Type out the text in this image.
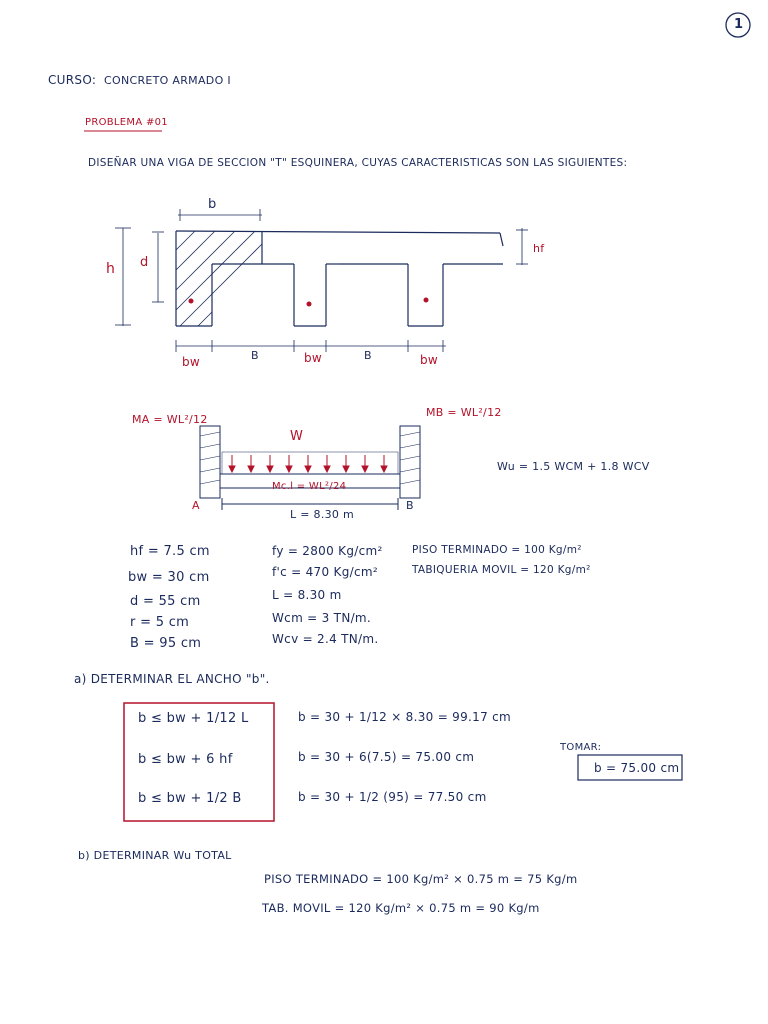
1
CURSO: CONCRETO ARMADO I
PROBLEMA #01
DISEÑAR UNA VIGA DE SECCION "T" ESQUINERA, CUYAS CARACTERISTICAS SON LAS SIGUIENTES:
b
d
h
hf
bw	B	bw	B	bw
MA = WL²/12
MB = WL²/12
W
Mc.l = WL²/24
A	B
L = 8.30 m
Wu = 1.5 WCM + 1.8 WCV
hf = 7.5 cm
bw = 30 cm
d = 55 cm
r = 5 cm
B = 95 cm
fy = 2800 Kg/cm²
f'c = 470 Kg/cm²
L = 8.30 m
Wcm = 3 TN/m.
Wcv = 2.4 TN/m.
PISO TERMINADO = 100 Kg/m²
TABIQUERIA MOVIL = 120 Kg/m²
a) DETERMINAR EL ANCHO "b".
b ≤ bw + 1/12 L
b ≤ bw + 6 hf
b ≤ bw + 1/2 B
b = 30 + 1/12 × 8.30 = 99.17 cm
b = 30 + 6(7.5) = 75.00 cm
b = 30 + 1/2 (95) = 77.50 cm
TOMAR:
b = 75.00 cm
b) DETERMINAR Wu TOTAL
PISO TERMINADO = 100 Kg/m² × 0.75 m = 75 Kg/m
TAB. MOVIL = 120 Kg/m² × 0.75 m = 90 Kg/m
